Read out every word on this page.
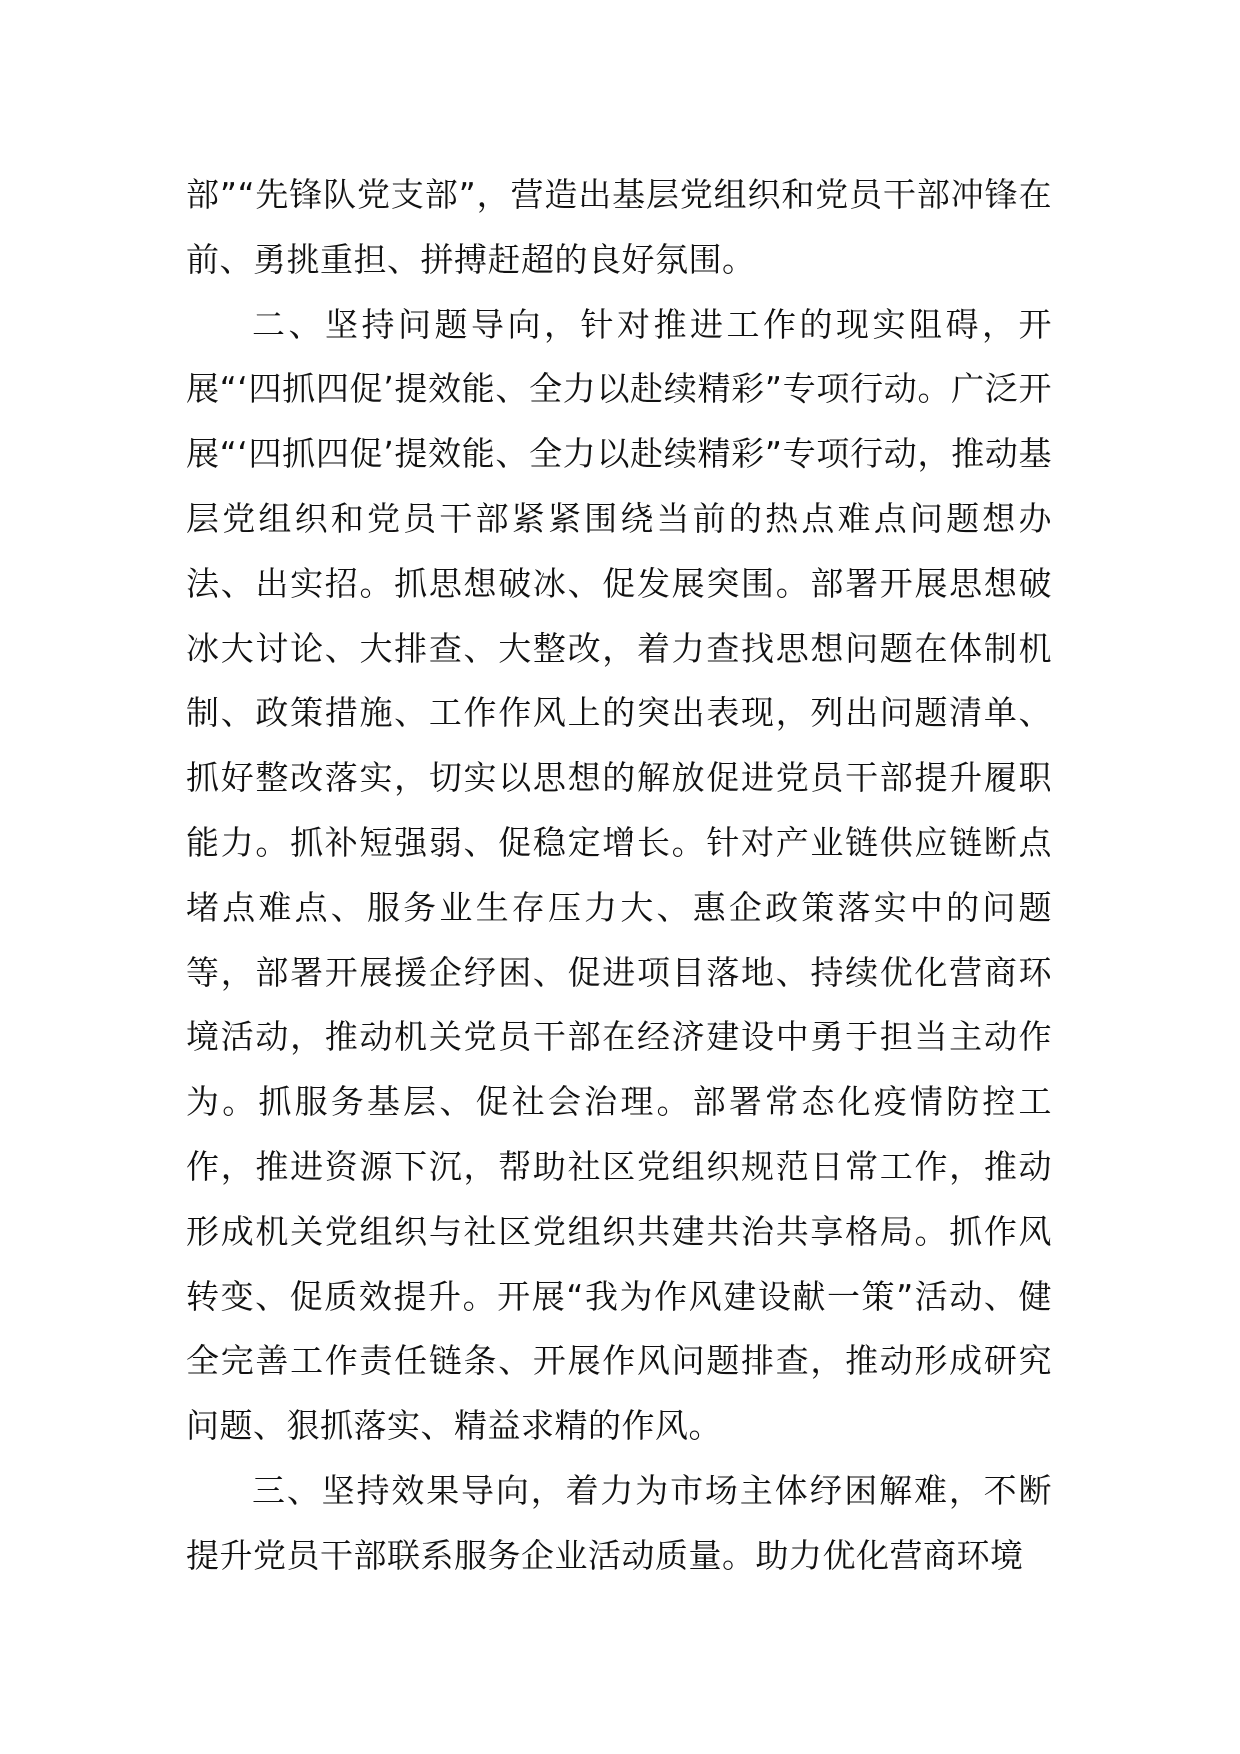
部”“先锋队党支部”，营造出基层党组织和党员干部冲锋在前、勇挑重担、拼搏赶超的良好氛围。

二、坚持问题导向，针对推进工作的现实阻碍，开展“‘四抓四促’提效能、全力以赴续精彩”专项行动。广泛开展“‘四抓四促’提效能、全力以赴续精彩”专项行动，推动基层党组织和党员干部紧紧围绕当前的热点难点问题想办法、出实招。抓思想破冰、促发展突围。部署开展思想破冰大讨论、大排查、大整改，着力查找思想问题在体制机制、政策措施、工作作风上的突出表现，列出问题清单、抓好整改落实，切实以思想的解放促进党员干部提升履职能力。抓补短强弱、促稳定增长。针对产业链供应链断点堵点难点、服务业生存压力大、惠企政策落实中的问题等，部署开展援企纾困、促进项目落地、持续优化营商环境活动，推动机关党员干部在经济建设中勇于担当主动作为。抓服务基层、促社会治理。部署常态化疫情防控工作，推进资源下沉，帮助社区党组织规范日常工作，推动形成机关党组织与社区党组织共建共治共享格局。抓作风转变、促质效提升。开展“我为作风建设献一策”活动、健全完善工作责任链条、开展作风问题排查，推动形成研究问题、狠抓落实、精益求精的作风。

三、坚持效果导向，着力为市场主体纾困解难，不断提升党员干部联系服务企业活动质量。助力优化营商环境
